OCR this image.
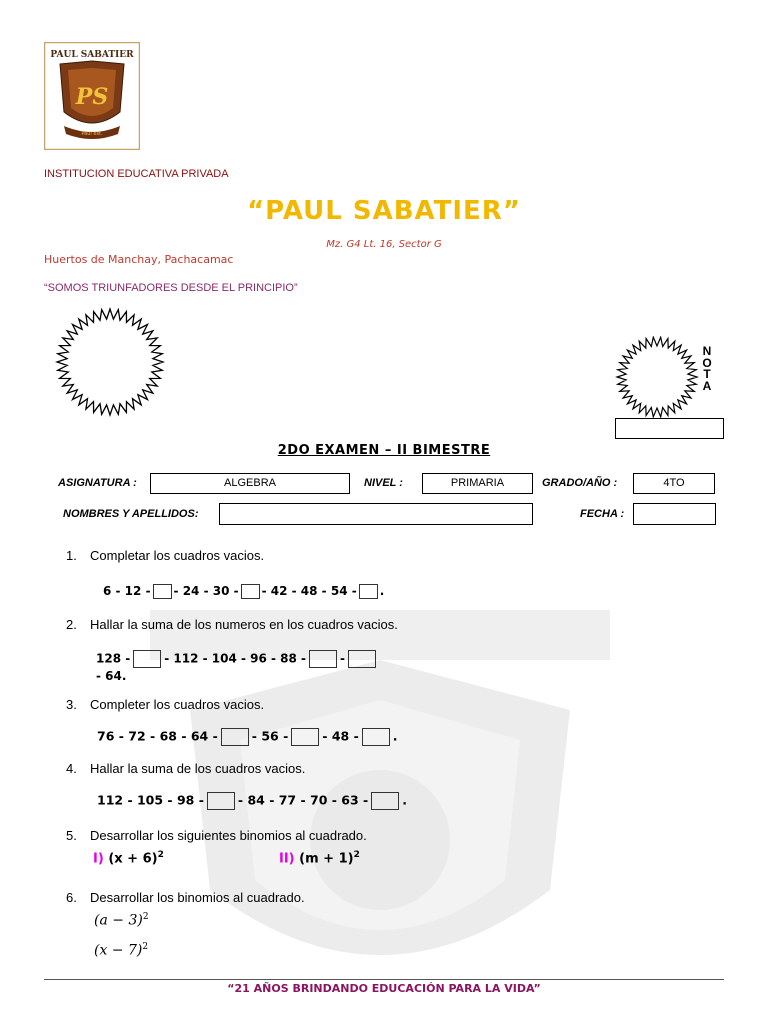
PAUL SABATIER
PS
Paul est.
INSTITUCION EDUCATIVA PRIVADA
“PAUL SABATIER”
Mz. G4 Lt. 16, Sector G
Huertos de Manchay, Pachacamac
“SOMOS TRIUNFADORES DESDE EL PRINCIPIO”
N
O
T
A
2DO EXAMEN – II BIMESTRE
ASIGNATURA :	ALGEBRA	NIVEL :	PRIMARIA	GRADO/AÑO :	4TO
NOMBRES Y APELLIDOS:	FECHA :
1. Completar los cuadros vacios.
6 - 12 - - 24 - 30 - - 42 - 48 - 54 - .
2. Hallar la suma de los numeros en los cuadros vacios.
128 -	- 112 - 104 - 96 - 88 -	-
- 64.
3. Completer los cuadros vacios.
76 - 72 - 68 - 64 -	- 56 -	- 48 -	.
4. Hallar la suma de los cuadros vacios.
112 - 105 - 98 -	- 84 - 77 - 70 - 63 -	.
5. Desarrollar los siguientes binomios al cuadrado.
I) $(x + 6)^2$	II) $(m + 1)^2$
6. Desarrollar los binomios al cuadrado.
$(a - 3)^2$
$(x - 7)^2$
“21 AÑOS BRINDANDO EDUCACIÓN PARA LA VIDA”
